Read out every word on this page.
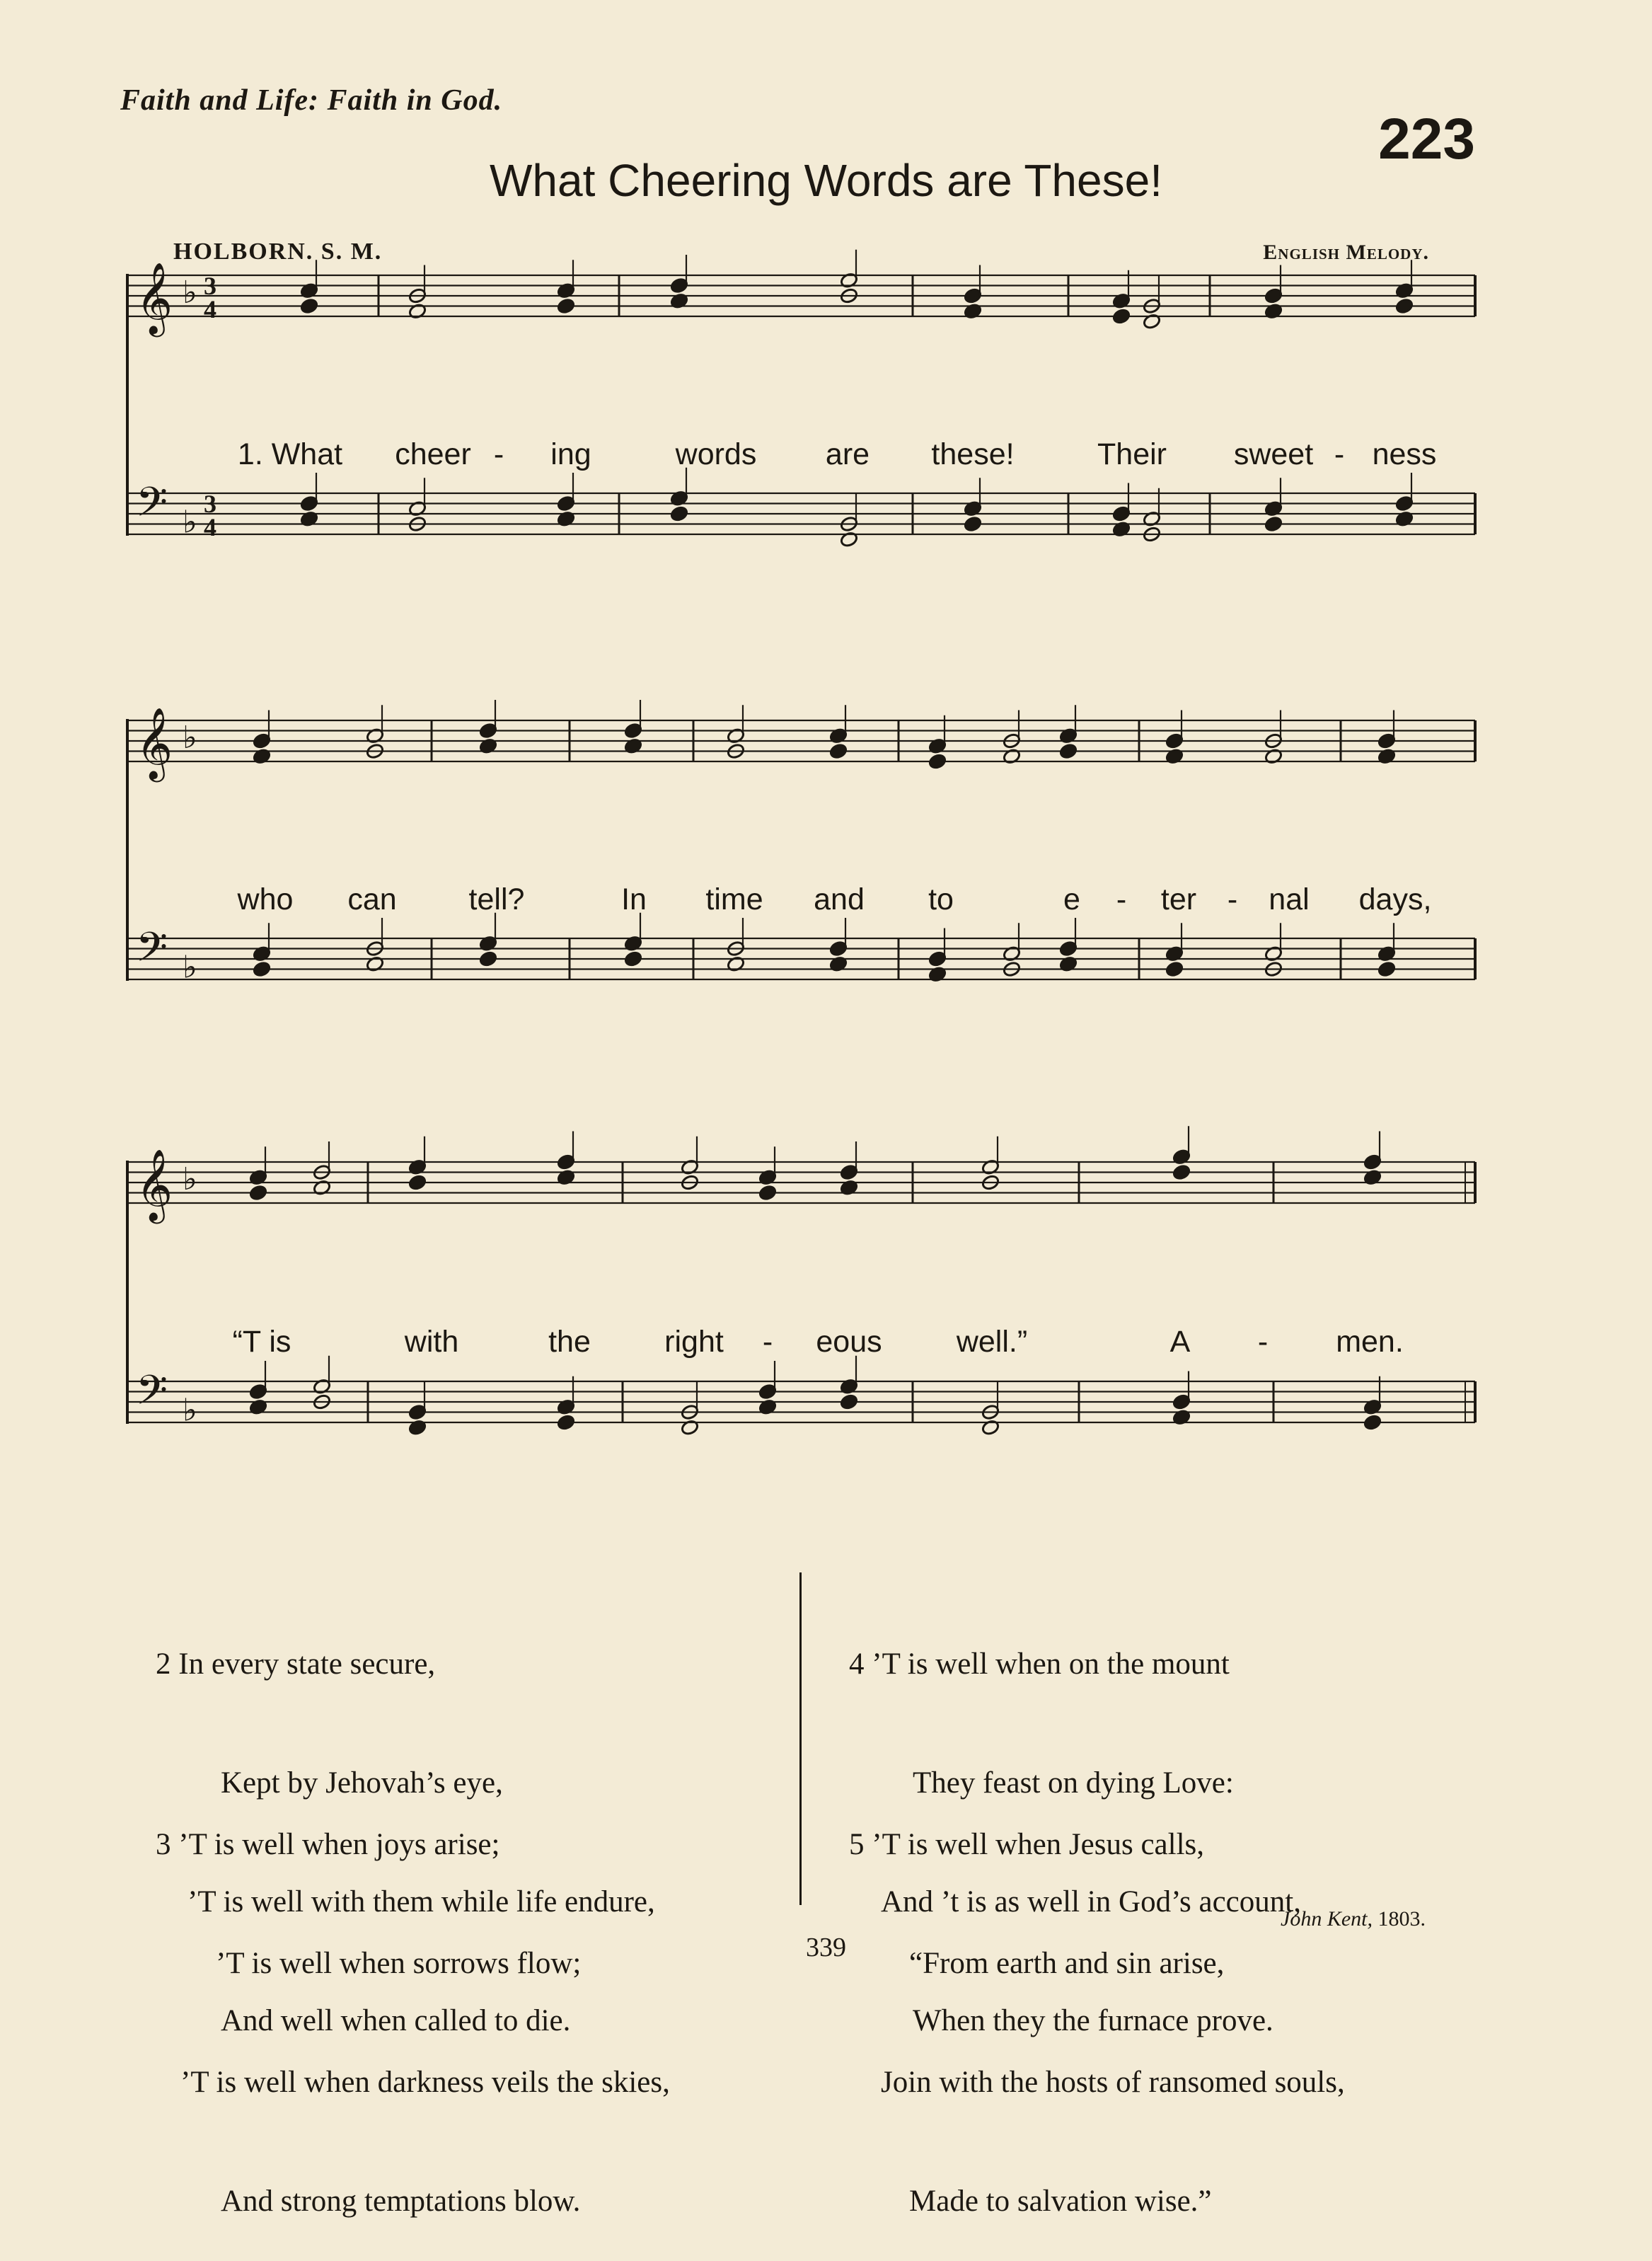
Faith and Life: Faith in God.
223
What Cheering Words are These!
HOLBORN. S. M.	English Melody.
𝄞 ♭ 3
4
𝄢 ♭
3
4
𝄞 ♭
𝄢 ♭
𝄞 ♭
𝄢 ♭
1. What cheer - ing	words are these!	Their sweet - ness
who can tell?	In time and to	e - ter - nal days,
“T is	with	the right - eous well.”	A - men.

2 In every state secure,

Kept by Jehovah’s eye,

’T is well with them while life endure,

And well when called to die.

3 ’T is well when joys arise;

’T is well when sorrows flow;

’T is well when darkness veils the skies,

And strong temptations blow.

4 ’T is well when on the mount

They feast on dying Love:

And ’t is as well in God’s account,

When they the furnace prove.

5 ’T is well when Jesus calls,

“From earth and sin arise,

Join with the hosts of ransomed souls,

Made to salvation wise.”

John Kent, 1803.
339
